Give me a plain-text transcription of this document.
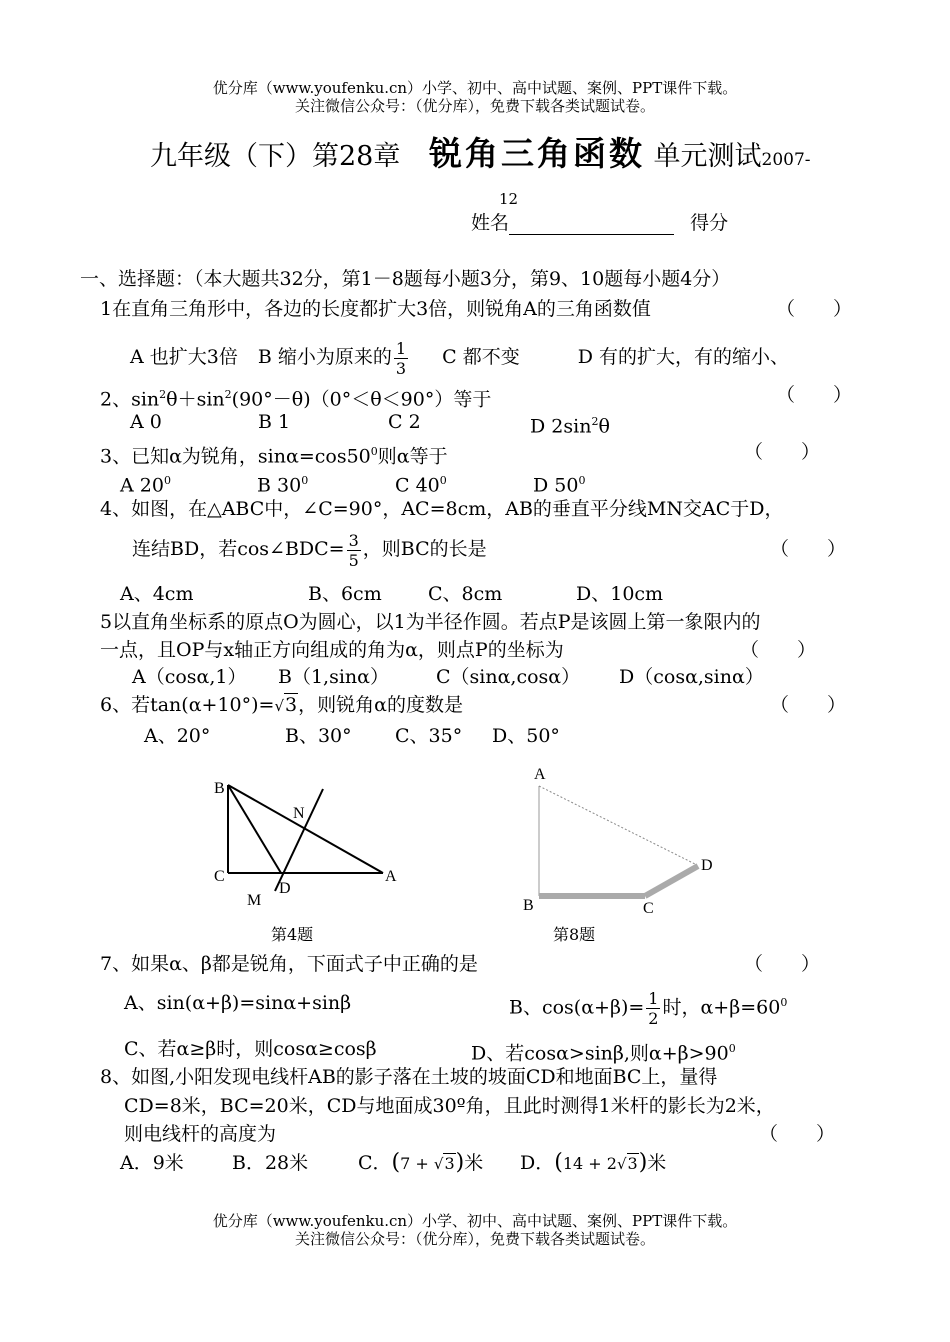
优分库（www.youfenku.cn）小学、初中、高中试题、案例、PPT课件下载。
关注微信公众号：（优分库），免费下载各类试题试卷。
九年级（下）第28章 锐角三角函数 单元测试2007-
12
姓名	得分
一、选择题：（本大题共32分，第1－8题每小题3分，第9、10题每小题4分）
1在直角三角形中，各边的长度都扩大3倍，则锐角A的三角函数值	（　　）
A 也扩大3倍 B 缩小为原来的 $\frac{1}{3}$ C 都不变	D 有的扩大，有的缩小、
2、$\sin^2\theta+\sin^2(90^\circ-\theta)(0^\circ<\theta<90^\circ)$等于	（　　）
A 0	B 1	C 2	D $2\sin^2\theta$
3、已知α为锐角，$\sin\alpha=\cos 50^0$则α等于	（　　）
A $20^0$	B $30^0$	C $40^0$	D $50^0$
4、如图，在△ABC中，∠C=90°，AC=8cm，AB的垂直平分线MN交AC于D，
连结BD，若cos∠BDC= $\frac{3}{5}$ ，则BC的长是	（　　）
A、4cm	B、6cm C、8cm	D、10cm
5以直角坐标系的原点O为圆心，以1为半径作圆。若点P是该圆上第一象限内的
一点，且OP与x轴正方向组成的角为α，则点P的坐标为	（　　）
A（cosα,1） B（1,sinα） C（sinα,cosα） D（cosα,sinα）
6、若tan(α+10°)=√3，则锐角α的度数是	（　　）
A、20°	B、30° C、35° D、50°
B
N
C
D
A
M
第4题
A
B	C
D
第8题
7、如果α、β都是锐角，下面式子中正确的是	（　　）
A、sin(α+β)=sinα+sinβ	B、$\cos(\alpha+\beta)= \frac{1}{2}$ 时，$\alpha+\beta=60^0$
C、若α≥β时，则cosα≥cosβ	D、若cosα>sinβ,则$\alpha+\beta>90^0$
8、如图,小阳发现电线杆AB的影子落在土坡的坡面CD和地面BC上，量得
CD=8米，BC=20米，CD与地面成30º角，且此时测得1米杆的影长为2米，
则电线杆的高度为	（　　）
A．9米	B．28米	C．(7 + √3)米 D．(14 + 2√3)米
优分库（www.youfenku.cn）小学、初中、高中试题、案例、PPT课件下载。
关注微信公众号：（优分库），免费下载各类试题试卷。
